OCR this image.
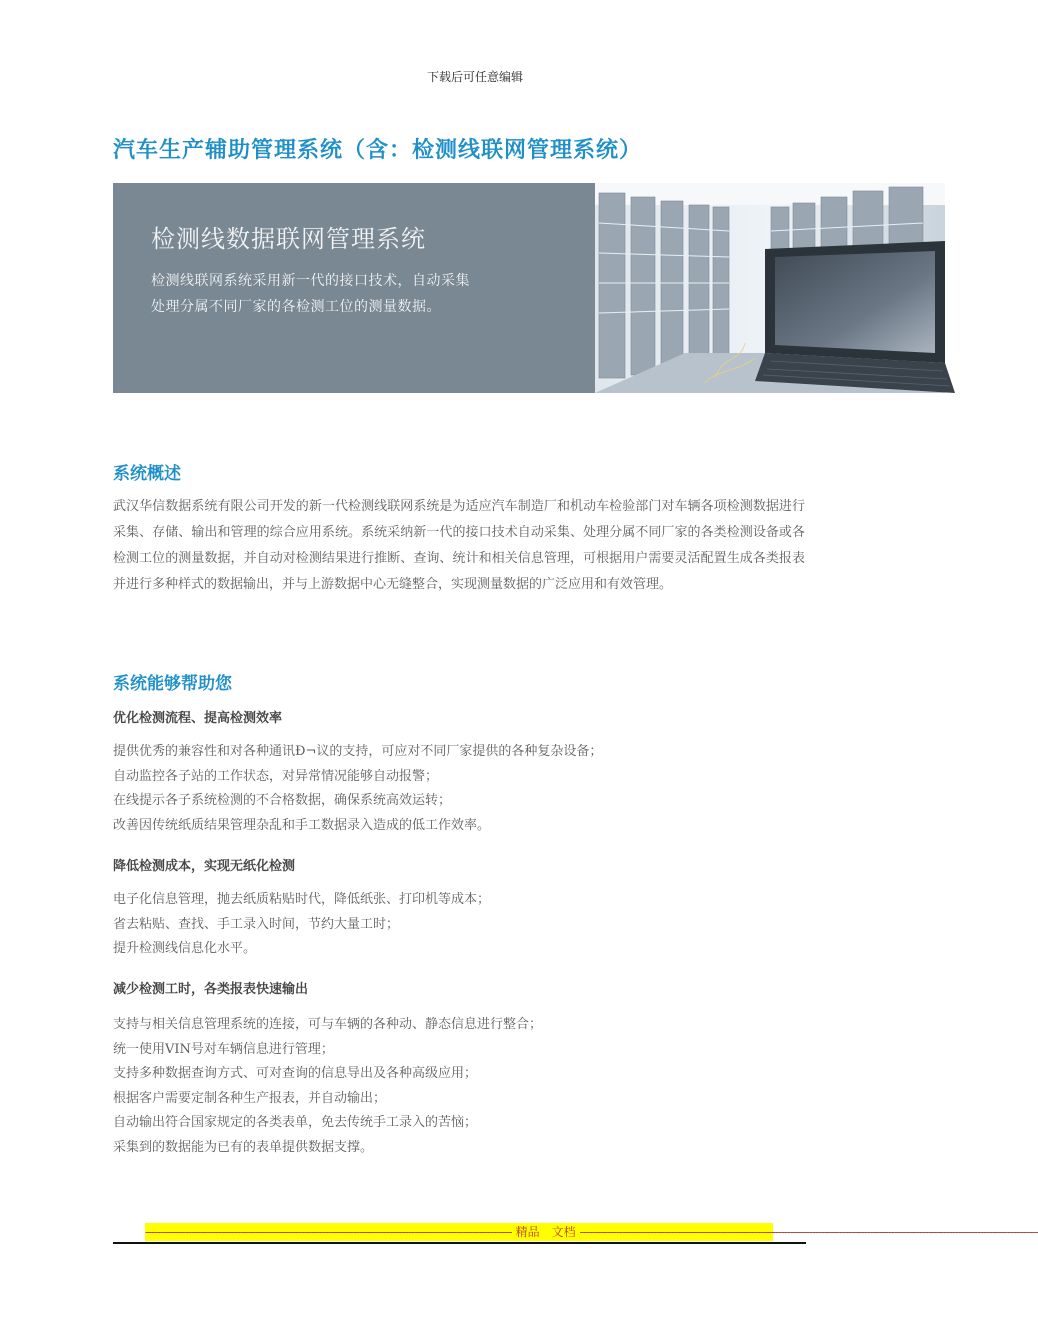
下载后可任意编辑
汽车生产辅助管理系统（含：检测线联网管理系统）
检测线数据联网管理系统
检测线联网系统采用新一代的接口技术，自动采集
处理分属不同厂家的各检测工位的测量数据。
系统概述

武汉华信数据系统有限公司开发的新一代检测线联网系统是为适应汽车制造厂和机动车检验部门对车辆各项检测数据进行采集、存储、输出和管理的综合应用系统。系统采纳新一代的接口技术自动采集、处理分属不同厂家的各类检测设备或各检测工位的测量数据，并自动对检测结果进行推断、查询、统计和相关信息管理，可根据用户需要灵活配置生成各类报表并进行多种样式的数据输出，并与上游数据中心无缝整合，实现测量数据的广泛应用和有效管理。

系统能够帮助您
优化检测流程、提高检测效率
提供优秀的兼容性和对各种通讯Ð¬议的支持，可应对不同厂家提供的各种复杂设备；
自动监控各子站的工作状态，对异常情况能够自动报警；
在线提示各子系统检测的不合格数据，确保系统高效运转；
改善因传统纸质结果管理杂乱和手工数据录入造成的低工作效率。
降低检测成本，实现无纸化检测
电子化信息管理，抛去纸质粘贴时代，降低纸张、打印机等成本；
省去粘贴、查找、手工录入时间，节约大量工时；
提升检测线信息化水平。
减少检测工时，各类报表快速输出
支持与相关信息管理系统的连接，可与车辆的各种动、静态信息进行整合；
统一使用VIN号对车辆信息进行管理；
支持多种数据查询方式、可对查询的信息导出及各种高级应用；
根据客户需要定制各种生产报表，并自动输出；
自动输出符合国家规定的各类表单，免去传统手工录入的苦恼；
采集到的数据能为已有的表单提供数据支撑。
------------------------------------------------------------------------------------------------------------------------ 精品　文档 ------------------------------------------------------------------------------------------------------------------------------------------------------
